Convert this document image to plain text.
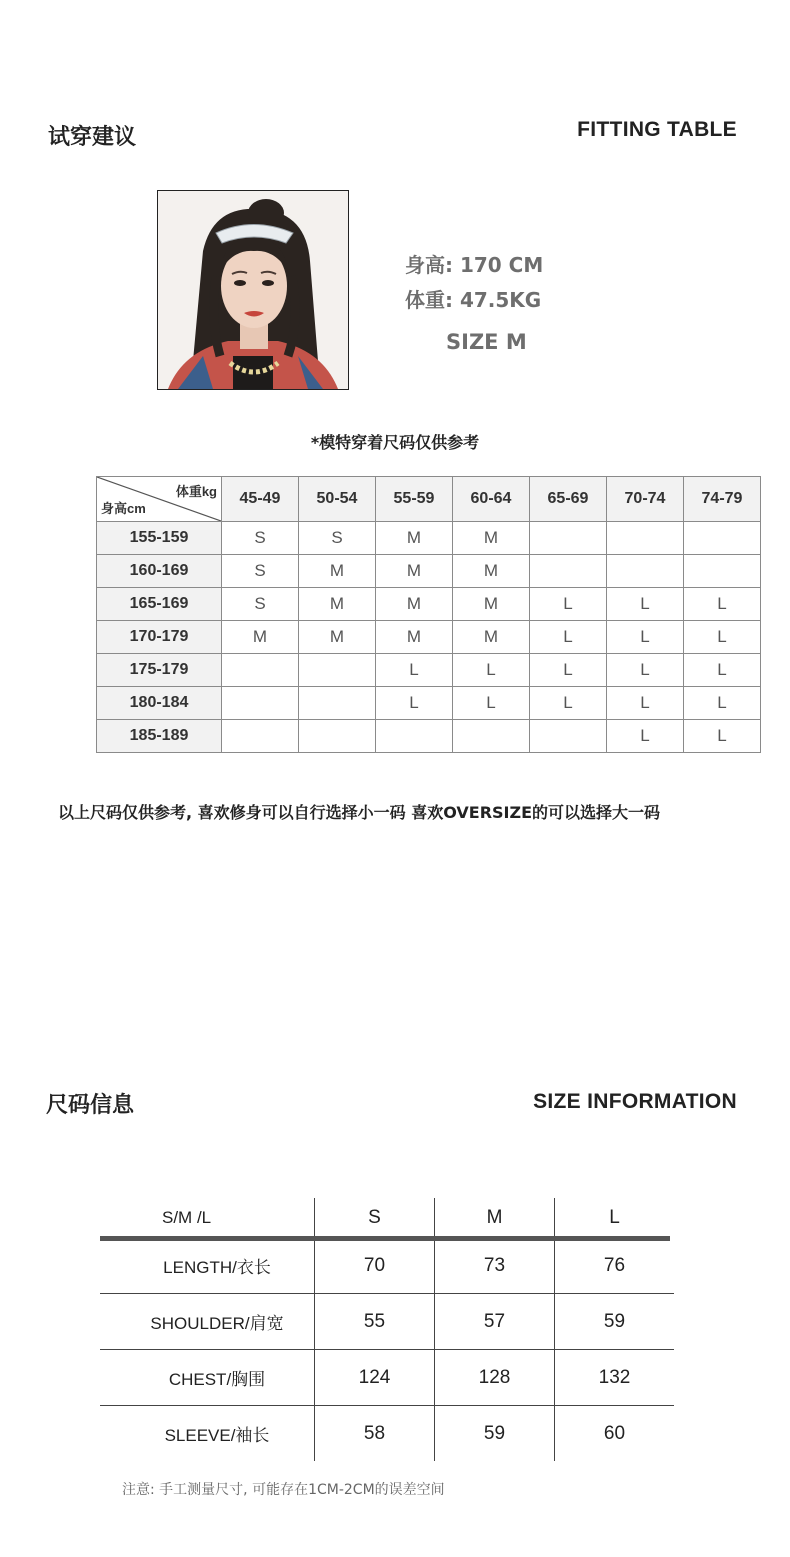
试穿建议	FITTING TABLE
身高: 170 CM
体重: 47.5KG
SIZE M
*模特穿着尺码仅供参考
体重kg
身高cm	45-49	50-54	55-59	60-64	65-69	70-74	74-79
155-159	S	S	M	M			
160-169	S	M	M	M			
165-169	S	M	M	M	L	L	L
170-179	M	M	M	M	L	L	L
175-179			L	L	L	L	L
180-184			L	L	L	L	L
185-189						L	L
以上尺码仅供参考, 喜欢修身可以自行选择小一码 喜欢OVERSIZE的可以选择大一码
尺码信息	SIZE INFORMATION
S/M /L	S	M	L
LENGTH/衣长	70	73	76
SHOULDER/肩宽	55	57	59
CHEST/胸围	124	128	132
SLEEVE/袖长	58	59	60
注意: 手工测量尺寸, 可能存在1CM-2CM的误差空间
